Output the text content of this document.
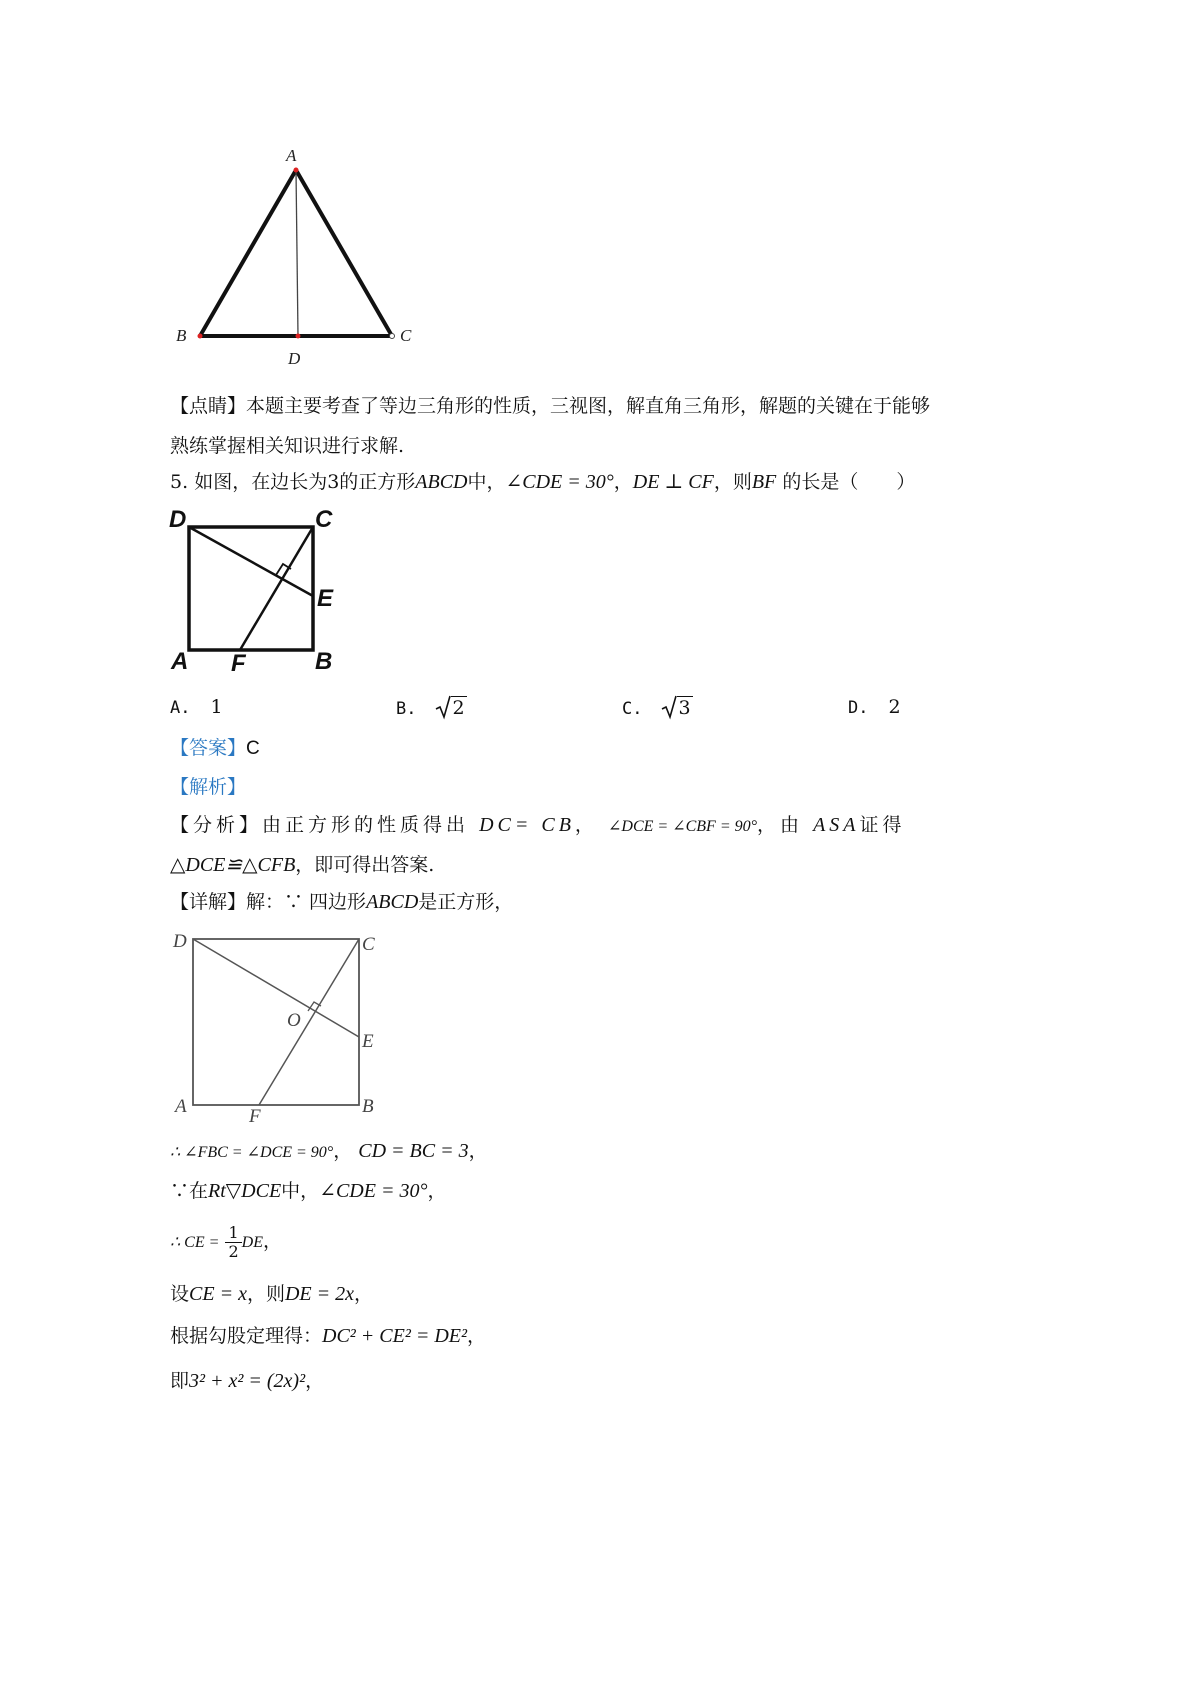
A
B	C
D
【点睛】本题主要考查了等边三角形的性质，三视图，解直角三角形，解题的关键在于能够
熟练掌握相关知识进行求解.
5. 如图，在边长为3的正方形ABCD中，∠CDE = 30°，DE ⊥ CF，则BF 的长是（　　）
D	C
E
A F	B
A. 1	B. 2	C. 3	D. 2
【答案】C
【解析】
【分析】由正方形的性质得出 DC= CB， ∠DCE = ∠CBF = 90°，由 ASA证得
△DCE≌△CFB，即可得出答案.
【详解】解：∵ 四边形ABCD是正方形，
D	C
O
E
A	F	B
∴ ∠FBC = ∠DCE = 90°， CD = BC = 3，
∵在Rt▽DCE中，∠CDE = 30°，
∴ CE = $\frac{1}{2}$ DE，
设CE = x，则DE = 2x，
根据勾股定理得：DC² + CE² = DE²，
即3² + x² = (2x)²，
